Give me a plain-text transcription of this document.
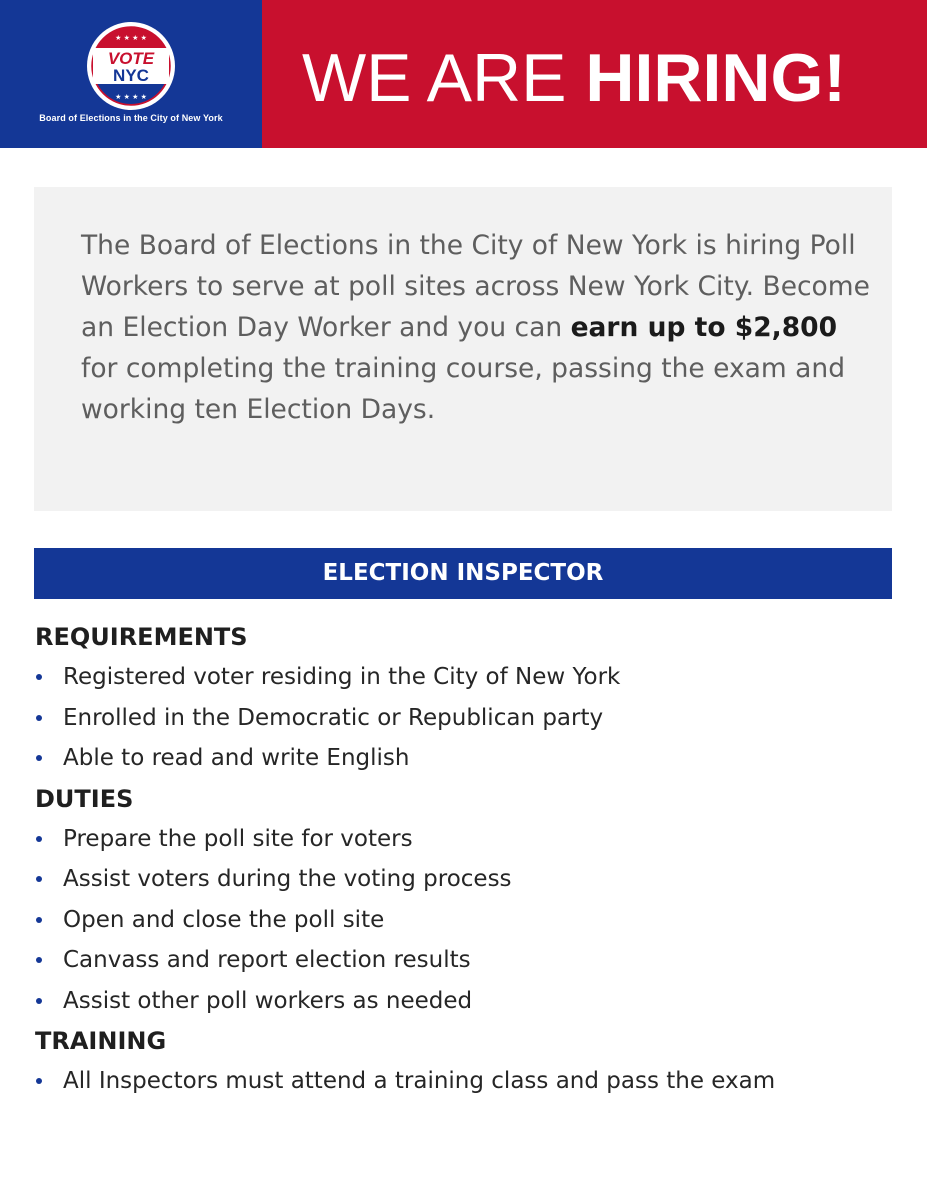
★ ★ ★ ★
★ ★ ★ ★
VOTE
NYC
Board of Elections in the City of New York
WE ARE HIRING!

The Board of Elections in the City of New York is hiring Poll Workers to serve at poll sites across New York City. Become an Election Day Worker and you can earn up to $2,800 for completing the training course, passing the exam and working ten Election Days.

ELECTION INSPECTOR
REQUIREMENTS
Registered voter residing in the City of New York
Enrolled in the Democratic or Republican party
Able to read and write English
DUTIES
Prepare the poll site for voters
Assist voters during the voting process
Open and close the poll site
Canvass and report election results
Assist other poll workers as needed
TRAINING
All Inspectors must attend a training class and pass the exam
